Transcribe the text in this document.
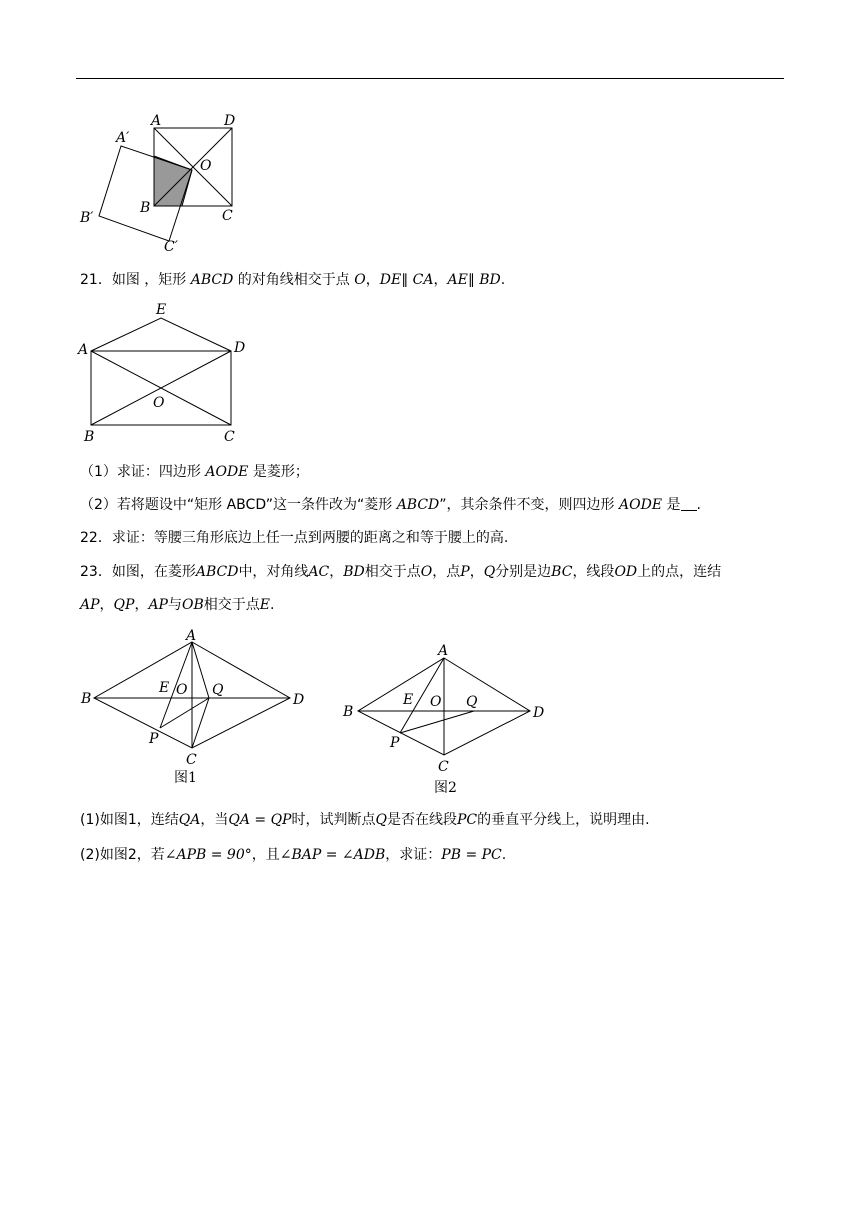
A	D
A′
O
B	C
B′
C′
21．如图 ，矩形 ABCD 的对角线相交于点 O，DE∥ CA，AE∥ BD.
E
A	D
O
B	C
（1）求证：四边形 AODE 是菱形；
（2）若将题设中“矩形 ABCD”这一条件改为“菱形 ABCD”，其余条件不变，则四边形 AODE 是 .
22．求证：等腰三角形底边上任一点到两腰的距离之和等于腰上的高.
23．如图，在菱形ABCD中，对角线AC，BD相交于点O，点P，Q分别是边BC，线段OD上的点，连结
AP，QP，AP与OB相交于点E.
A
B
E O Q
D
P
C
图1
A
B
E O Q
D
P
C
图2
(1)如图1，连结QA，当QA = QP时，试判断点Q是否在线段PC的垂直平分线上，说明理由.
(2)如图2，若∠APB = 90°，且∠BAP = ∠ADB，求证：PB = PC.
